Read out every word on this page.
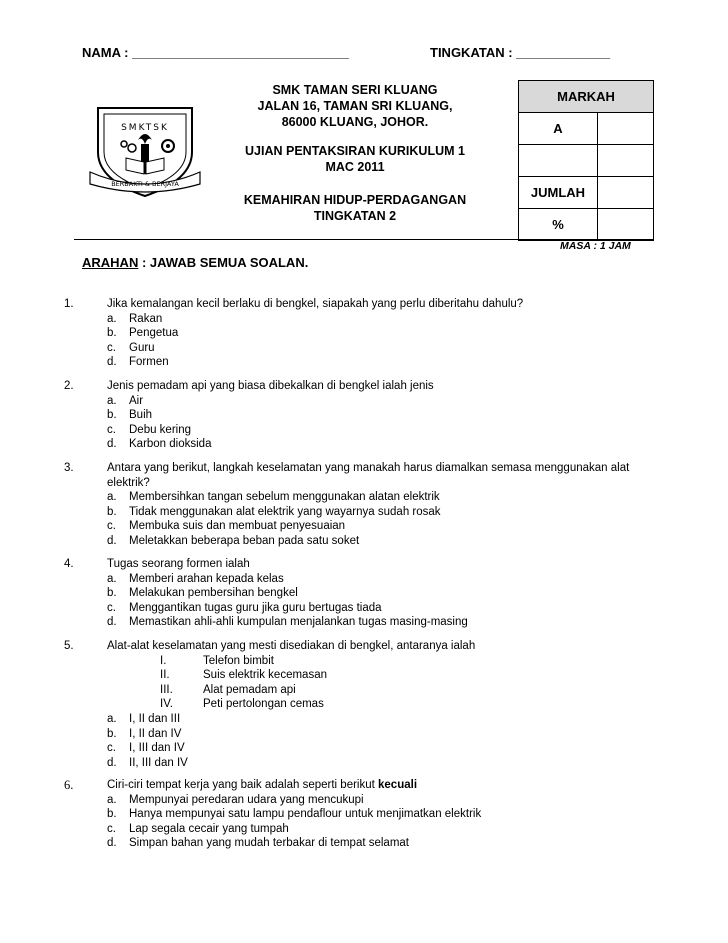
NAMA : ______________________________	TINGKATAN : _____________
SMKTSK
BERBAKTI & BERJAYA
SMK TAMAN SERI KLUANG
JALAN 16, TAMAN SRI KLUANG,
86000 KLUANG, JOHOR.
UJIAN PENTAKSIRAN KURIKULUM 1
MAC 2011
KEMAHIRAN HIDUP-PERDAGANGAN
TINGKATAN 2
MARKAH	
A	

JUMLAH	
%	
MASA : 1 JAM
ARAHAN : JAWAB SEMUA SOALAN.
1.	Jika kemalangan kecil berlaku di bengkel, siapakah yang perlu diberitahu dahulu?
a. Rakan
b. Pengetua
c. Guru
d. Formen
2.	Jenis pemadam api yang biasa dibekalkan di bengkel ialah jenis
a. Air
b. Buih
c. Debu kering
d. Karbon dioksida
3.	Antara yang berikut, langkah keselamatan yang manakah harus diamalkan semasa menggunakan alat elektrik?
a. Membersihkan tangan sebelum menggunakan alatan elektrik
b. Tidak menggunakan alat elektrik yang wayarnya sudah rosak
c. Membuka suis dan membuat penyesuaian
d. Meletakkan beberapa beban pada satu soket
4.	Tugas seorang formen ialah
a. Memberi arahan kepada kelas
b. Melakukan pembersihan bengkel
c. Menggantikan tugas guru jika guru bertugas tiada
d. Memastikan ahli-ahli kumpulan menjalankan tugas masing-masing
5.	Alat-alat keselamatan yang mesti disediakan di bengkel, antaranya ialah
I.	Telefon bimbit
II.	Suis elektrik kecemasan
III.	Alat pemadam api
IV.	Peti pertolongan cemas
a. I, II dan III
b. I, II dan IV
c. I, III dan IV
d. II, III dan IV
6.	Ciri-ciri tempat kerja yang baik adalah seperti berikut kecuali
a. Mempunyai peredaran udara yang mencukupi
b. Hanya mempunyai satu lampu pendaflour untuk menjimatkan elektrik
c. Lap segala cecair yang tumpah
d. Simpan bahan yang mudah terbakar di tempat selamat
